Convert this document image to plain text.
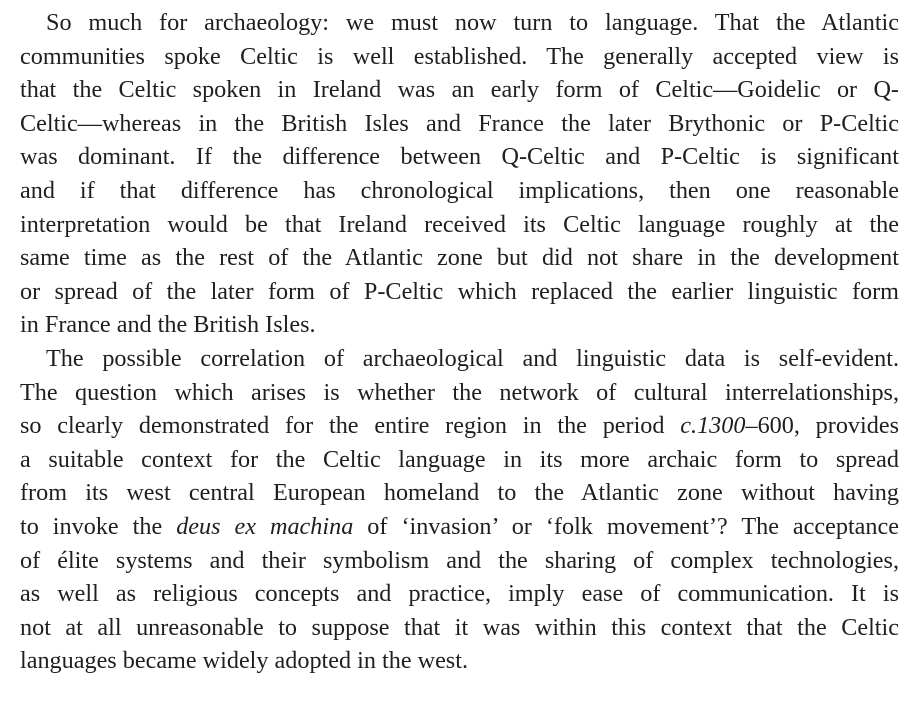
So much for archaeology: we must now turn to language. That the Atlantic
communities spoke Celtic is well established. The generally accepted view is
that the Celtic spoken in Ireland was an early form of Celtic—Goidelic or Q-
Celtic—whereas in the British Isles and France the later Brythonic or P-Celtic
was dominant. If the difference between Q-Celtic and P-Celtic is significant
and if that difference has chronological implications, then one reasonable
interpretation would be that Ireland received its Celtic language roughly at the
same time as the rest of the Atlantic zone but did not share in the development
or spread of the later form of P-Celtic which replaced the earlier linguistic form
in France and the British Isles.

The possible correlation of archaeological and linguistic data is self-evident.
The question which arises is whether the network of cultural interrelationships,
so clearly demonstrated for the entire region in the period c.1300–600, provides
a suitable context for the Celtic language in its more archaic form to spread
from its west central European homeland to the Atlantic zone without having
to invoke the deus ex machina of ‘invasion’ or ‘folk movement’? The acceptance
of élite systems and their symbolism and the sharing of complex technologies,
as well as religious concepts and practice, imply ease of communication. It is
not at all unreasonable to suppose that it was within this context that the Celtic
languages became widely adopted in the west.
